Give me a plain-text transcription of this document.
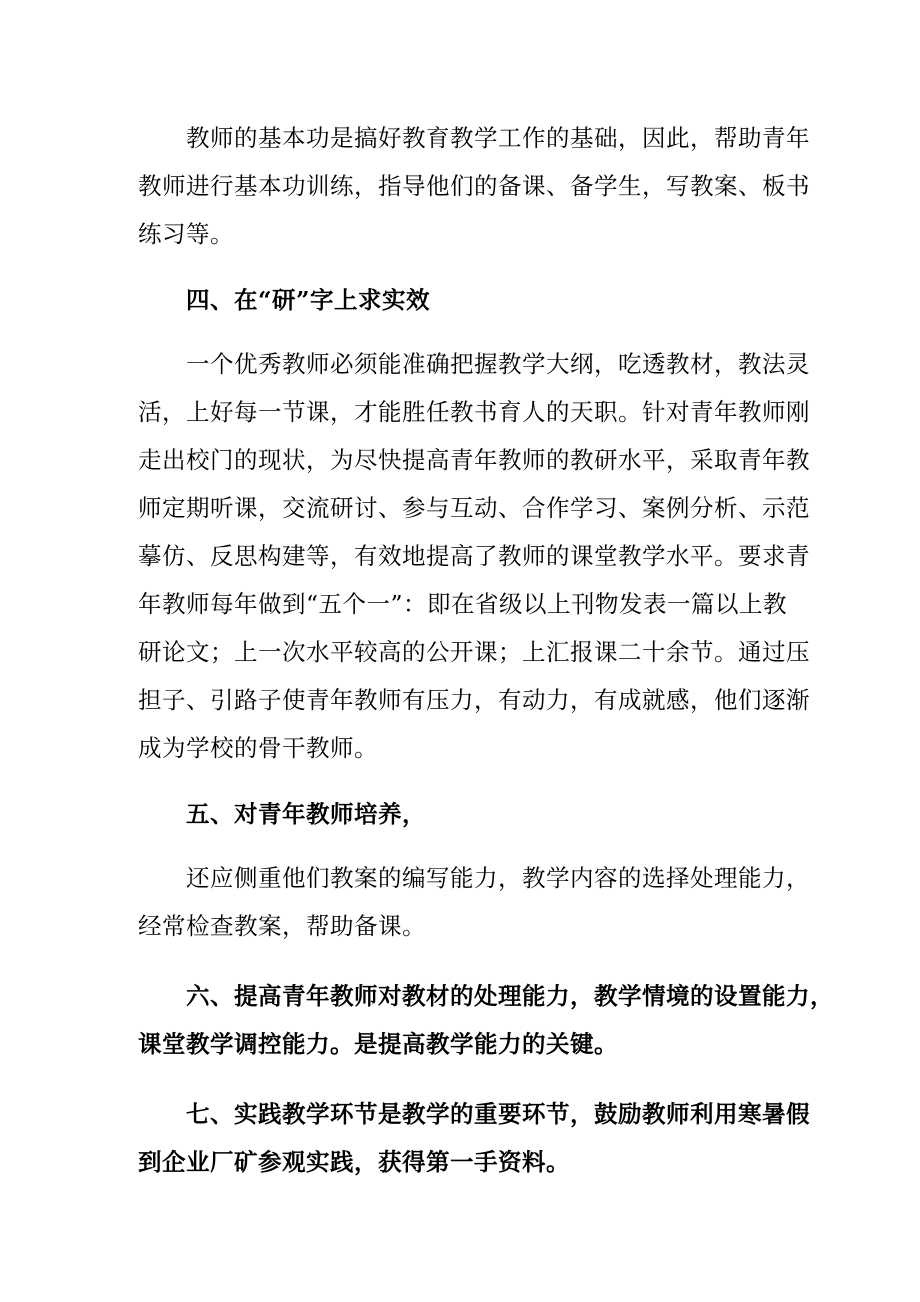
教师的基本功是搞好教育教学工作的基础，因此，帮助青年
教师进行基本功训练，指导他们的备课、备学生，写教案、板书
练习等。
四、在“研”字上求实效
一个优秀教师必须能准确把握教学大纲，吃透教材，教法灵
活，上好每一节课，才能胜任教书育人的天职。针对青年教师刚
走出校门的现状，为尽快提高青年教师的教研水平，采取青年教
师定期听课，交流研讨、参与互动、合作学习、案例分析、示范
摹仿、反思构建等，有效地提高了教师的课堂教学水平。要求青
年教师每年做到“五个一”：即在省级以上刊物发表一篇以上教
研论文；上一次水平较高的公开课；上汇报课二十余节。通过压
担子、引路子使青年教师有压力，有动力，有成就感，他们逐渐
成为学校的骨干教师。
五、对青年教师培养，
还应侧重他们教案的编写能力，教学内容的选择处理能力，
经常检查教案，帮助备课。
六、提高青年教师对教材的处理能力，教学情境的设置能力，
课堂教学调控能力。是提高教学能力的关键。
七、实践教学环节是教学的重要环节，鼓励教师利用寒暑假
到企业厂矿参观实践，获得第一手资料。
